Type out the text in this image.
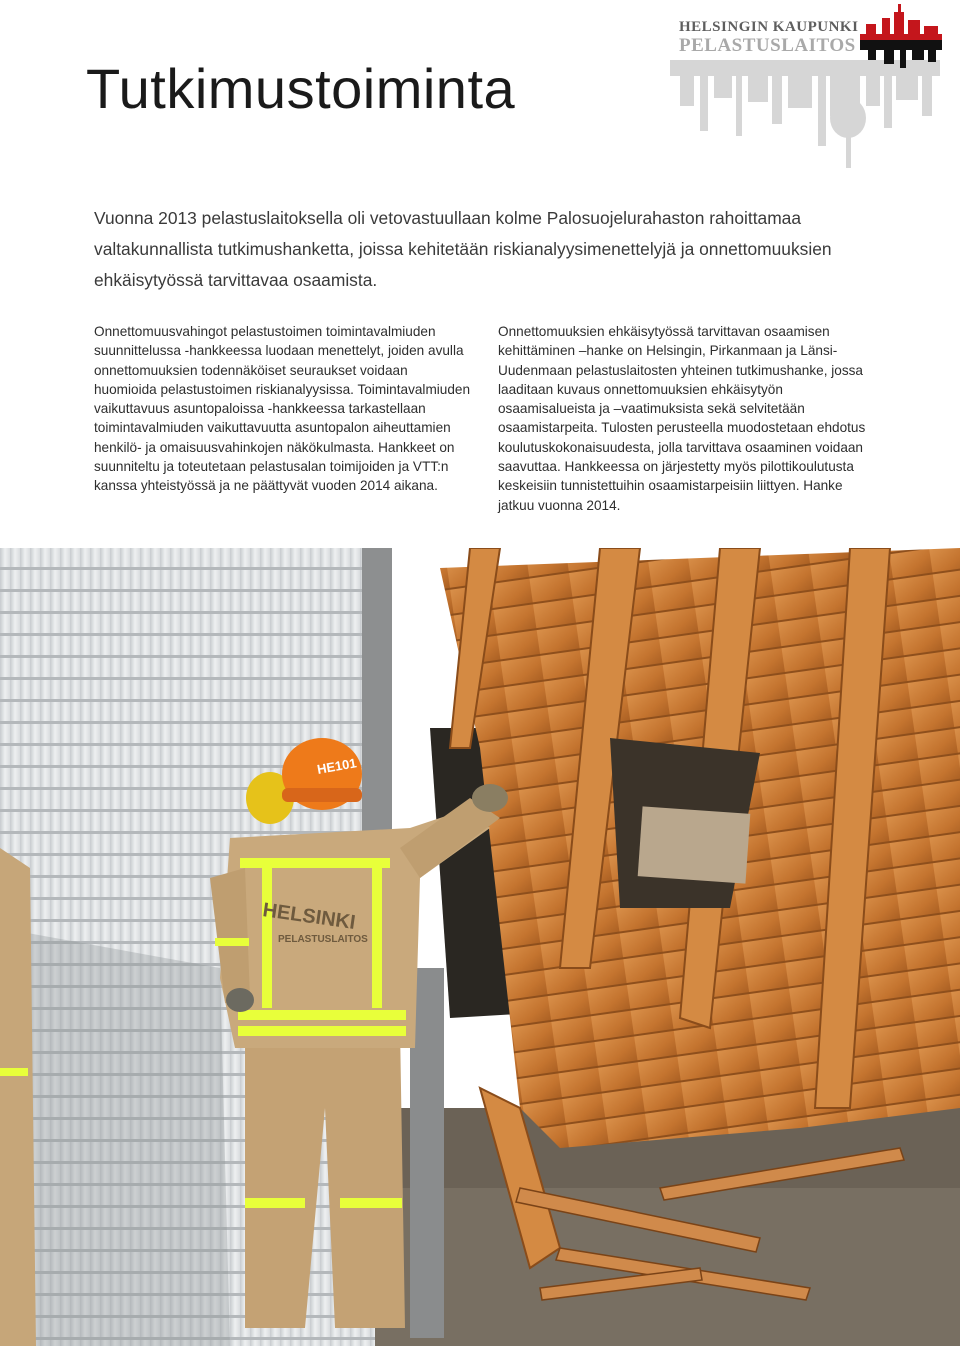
HELSINGIN KAUPUNKI
PELASTUSLAITOS
Tutkimustoiminta

Vuonna 2013 pelastuslaitoksella oli vetovastuullaan kolme Palosuojelurahaston rahoittamaa valtakunnallista tutkimushanketta, joissa kehitetään riskianalyysimenettelyjä ja onnettomuuksien ehkäisytyössä tarvittavaa osaamista.

Onnettomuusvahingot pelastustoimen toimintavalmiuden suunnittelussa -hankkeessa luodaan menettelyt, joiden avulla onnettomuuksien todennäköiset seuraukset voidaan huomioida pelastustoimen riskianalyysissa. Toimintavalmiuden vaikuttavuus asuntopaloissa -hankkeessa tarkastellaan toimintavalmiuden vaikuttavuutta asuntopalon aiheuttamien henkilö- ja omaisuusvahinkojen näkökulmasta. Hankkeet on suunniteltu ja toteutetaan pelastusalan toimijoiden ja VTT:n kanssa yhteistyössä ja ne päättyvät vuoden 2014 aikana.

Onnettomuuksien ehkäisytyössä tarvittavan osaamisen kehittäminen –hanke on Helsingin, Pirkanmaan ja Länsi-Uudenmaan pelastuslaitosten yhteinen tutkimushanke, jossa laaditaan kuvaus onnettomuuksien ehkäisytyön osaamisalueista ja –vaatimuksista sekä selvitetään osaamistarpeita. Tulosten perusteella muodostetaan ehdotus koulutuskokonaisuudesta, jolla tarvittava osaaminen voidaan saavuttaa. Hankkeessa on järjestetty myös pilottikoulutusta keskeisiin tunnistettuihin osaamistarpeisiin liittyen. Hanke jatkuu vuonna 2014.

HE101
HELSINKI
PELASTUSLAITOS
